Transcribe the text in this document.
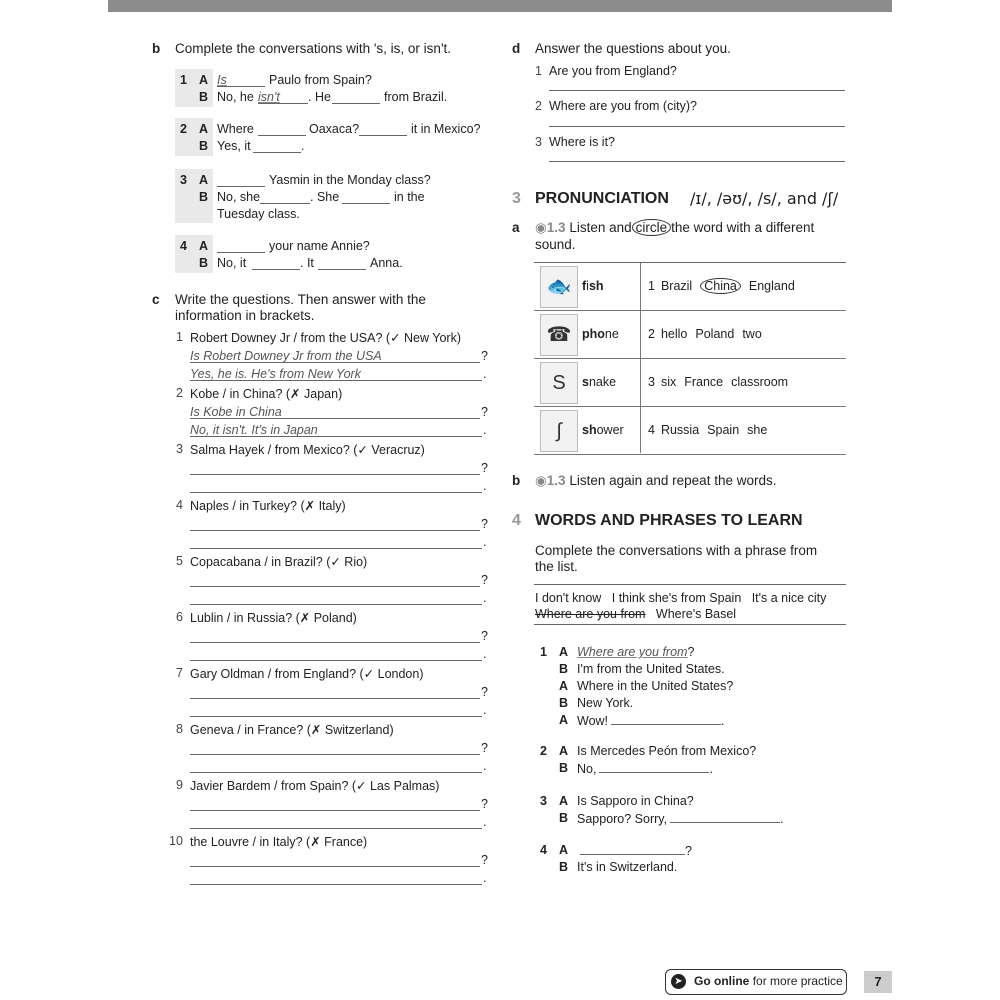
b Complete the conversations with 's, is, or isn't.
1 A Is	Paulo from Spain?
B No, he isn't . He	from Brazil.
2 A Where	Oaxaca?	it in Mexico?
B Yes, it	.
3 A	Yasmin in the Monday class?
B No, she	. She	in the
Tuesday class.
4 A	your name Annie?
B No, it	. It	Anna.
c Write the questions. Then answer with the
information in brackets.
1 Robert Downey Jr / from the USA? (✓ New York)
Is Robert Downey Jr from the USA	?
Yes, he is. He's from New York	.
2 Kobe / in China? (✗ Japan)
Is Kobe in China	?
No, it isn't. It's in Japan	.
3 Salma Hayek / from Mexico? (✓ Veracruz)
?
.
4 Naples / in Turkey? (✗ Italy)
?
.
5 Copacabana / in Brazil? (✓ Rio)
?
.
6 Lublin / in Russia? (✗ Poland)
?
.
7 Gary Oldman / from England? (✓ London)
?
.
8 Geneva / in France? (✗ Switzerland)
?
.
9 Javier Bardem / from Spain? (✓ Las Palmas)
?
.
10 the Louvre / in Italy? (✗ France)
?
.
d Answer the questions about you.
1 Are you from England?
2 Where are you from (city)?
3 Where is it?
3 PRONUNCIATION /ɪ/, /əʊ/, /s/, and /ʃ/
a ◉1.3 Listen and circle the word with a different
sound.
🐟 fish	1 Brazil China England
☎ phone 2 hello Poland two
S	snake	3 six France classroom
∫	shower 4 Russia Spain she
b ◉1.3 Listen again and repeat the words.
4 WORDS AND PHRASES TO LEARN
Complete the conversations with a phrase from
the list.
I don't know I think she's from Spain It's a nice city
Where are you from Where's Basel
1 A Where are you from?
B I'm from the United States.
A Where in the United States?
B New York.
A Wow!	.
2 A Is Mercedes Peón from Mexico?
B No,	.
3 A Is Sapporo in China?
B Sapporo? Sorry,	.
4 A	?
B It's in Switzerland.
➤ Go online for more practice	7
